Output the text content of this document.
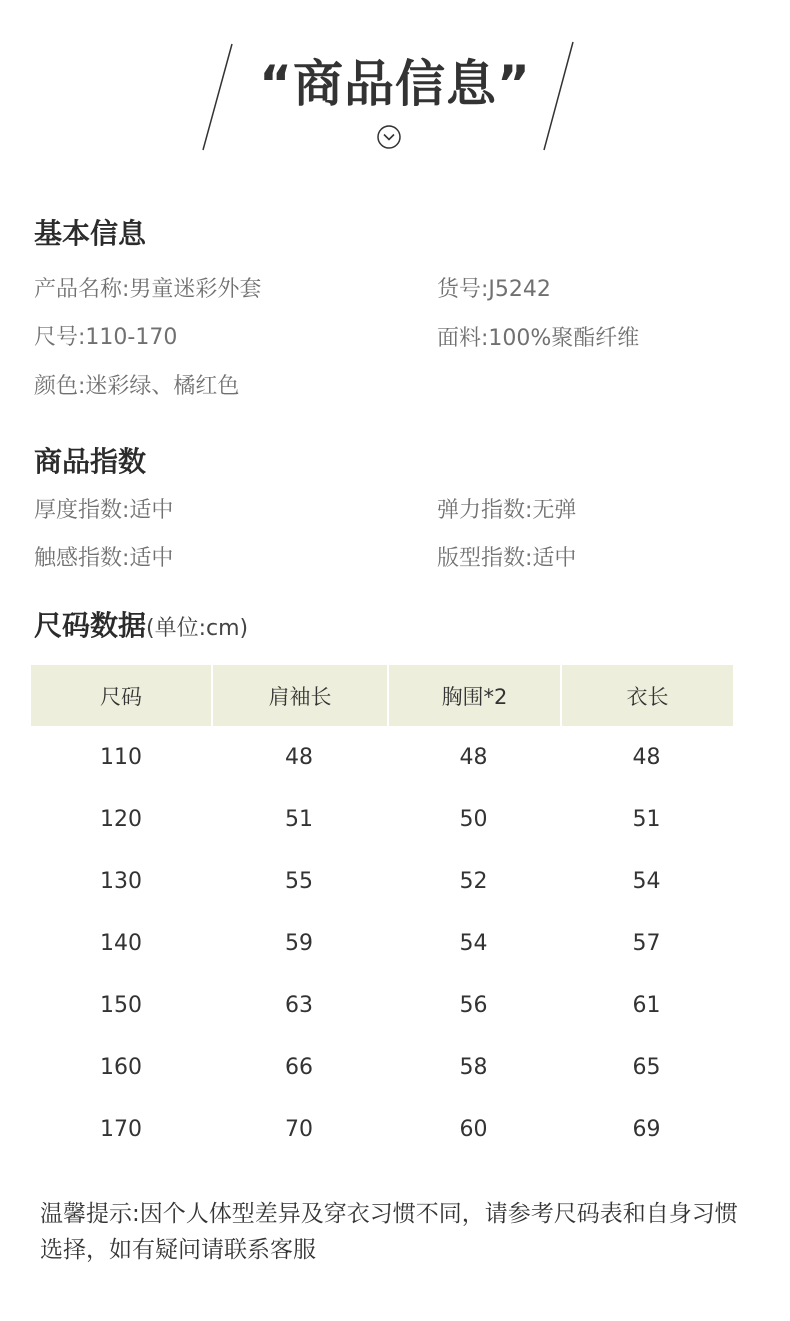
“商品信息”
基本信息
产品名称:男童迷彩外套	货号:J5242
尺号:110-170	面料:100%聚酯纤维
颜色:迷彩绿、橘红色
商品指数
厚度指数:适中	弹力指数:无弹
触感指数:适中	版型指数:适中
尺码数据(单位:cm)
尺码	肩袖长	胸围*2	衣长
110	48	48	48
120	51	50	51
130	55	52	54
140	59	54	57
150	63	56	61
160	66	58	65
170	70	60	69
温馨提示:因个人体型差异及穿衣习惯不同，请参考尺码表和自身习惯选择，如有疑问请联系客服
